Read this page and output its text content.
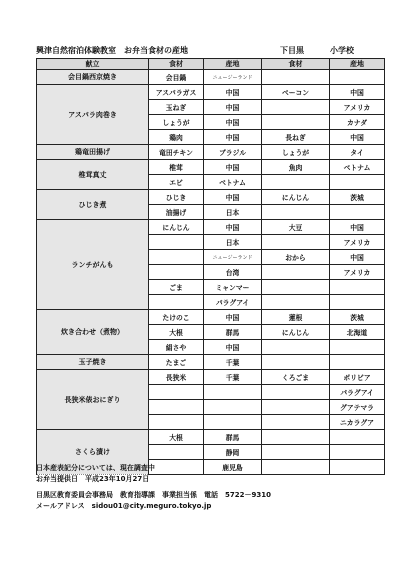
興津自然宿泊体験教室　お弁当食材の産地	下目黒	小学校
献立	食材	産地	食材	産地
会目鍋西京焼き	会目鍋	ニュージーランド		
アスパラ肉巻き	アスパラガス	中国	ベーコン	中国
	玉ねぎ	中国		アメリカ
	しょうが	中国		カナダ
	鶏肉	中国	長ねぎ	中国
鶏竜田揚げ	竜田チキン	ブラジル	しょうが	タイ
椎茸真丈	椎茸	中国	魚肉	ベトナム
	エビ	ベトナム		
ひじき煮	ひじき	中国	にんじん	茨城
	油揚げ	日本		
ランチがんも	にんじん	中国	大豆	中国
		日本		アメリカ
		ニュージーランド	おから	中国
		台湾		アメリカ
	ごま	ミャンマー		
		パラグアイ		
炊き合わせ（煮物）	たけのこ	中国	蓮根	茨城
	大根	群馬	にんじん	北海道
	絹さや	中国		
玉子焼き	たまご	千葉		
長狭米俵おにぎり	長狭米	千葉	くろごま	ボリビア
				パラグアイ
				グアテマラ
				ニカラグア
さくら漬け	大根	群馬		
		静岡		
		鹿児島		
日本産表記分については、現在調査中
お弁当提供日　平成23年10月27日
目黒区教育委員会事務局　教育指導課　事業担当係　電話　5722－9310
メールアドレス　sidou01@city.meguro.tokyo.jp
